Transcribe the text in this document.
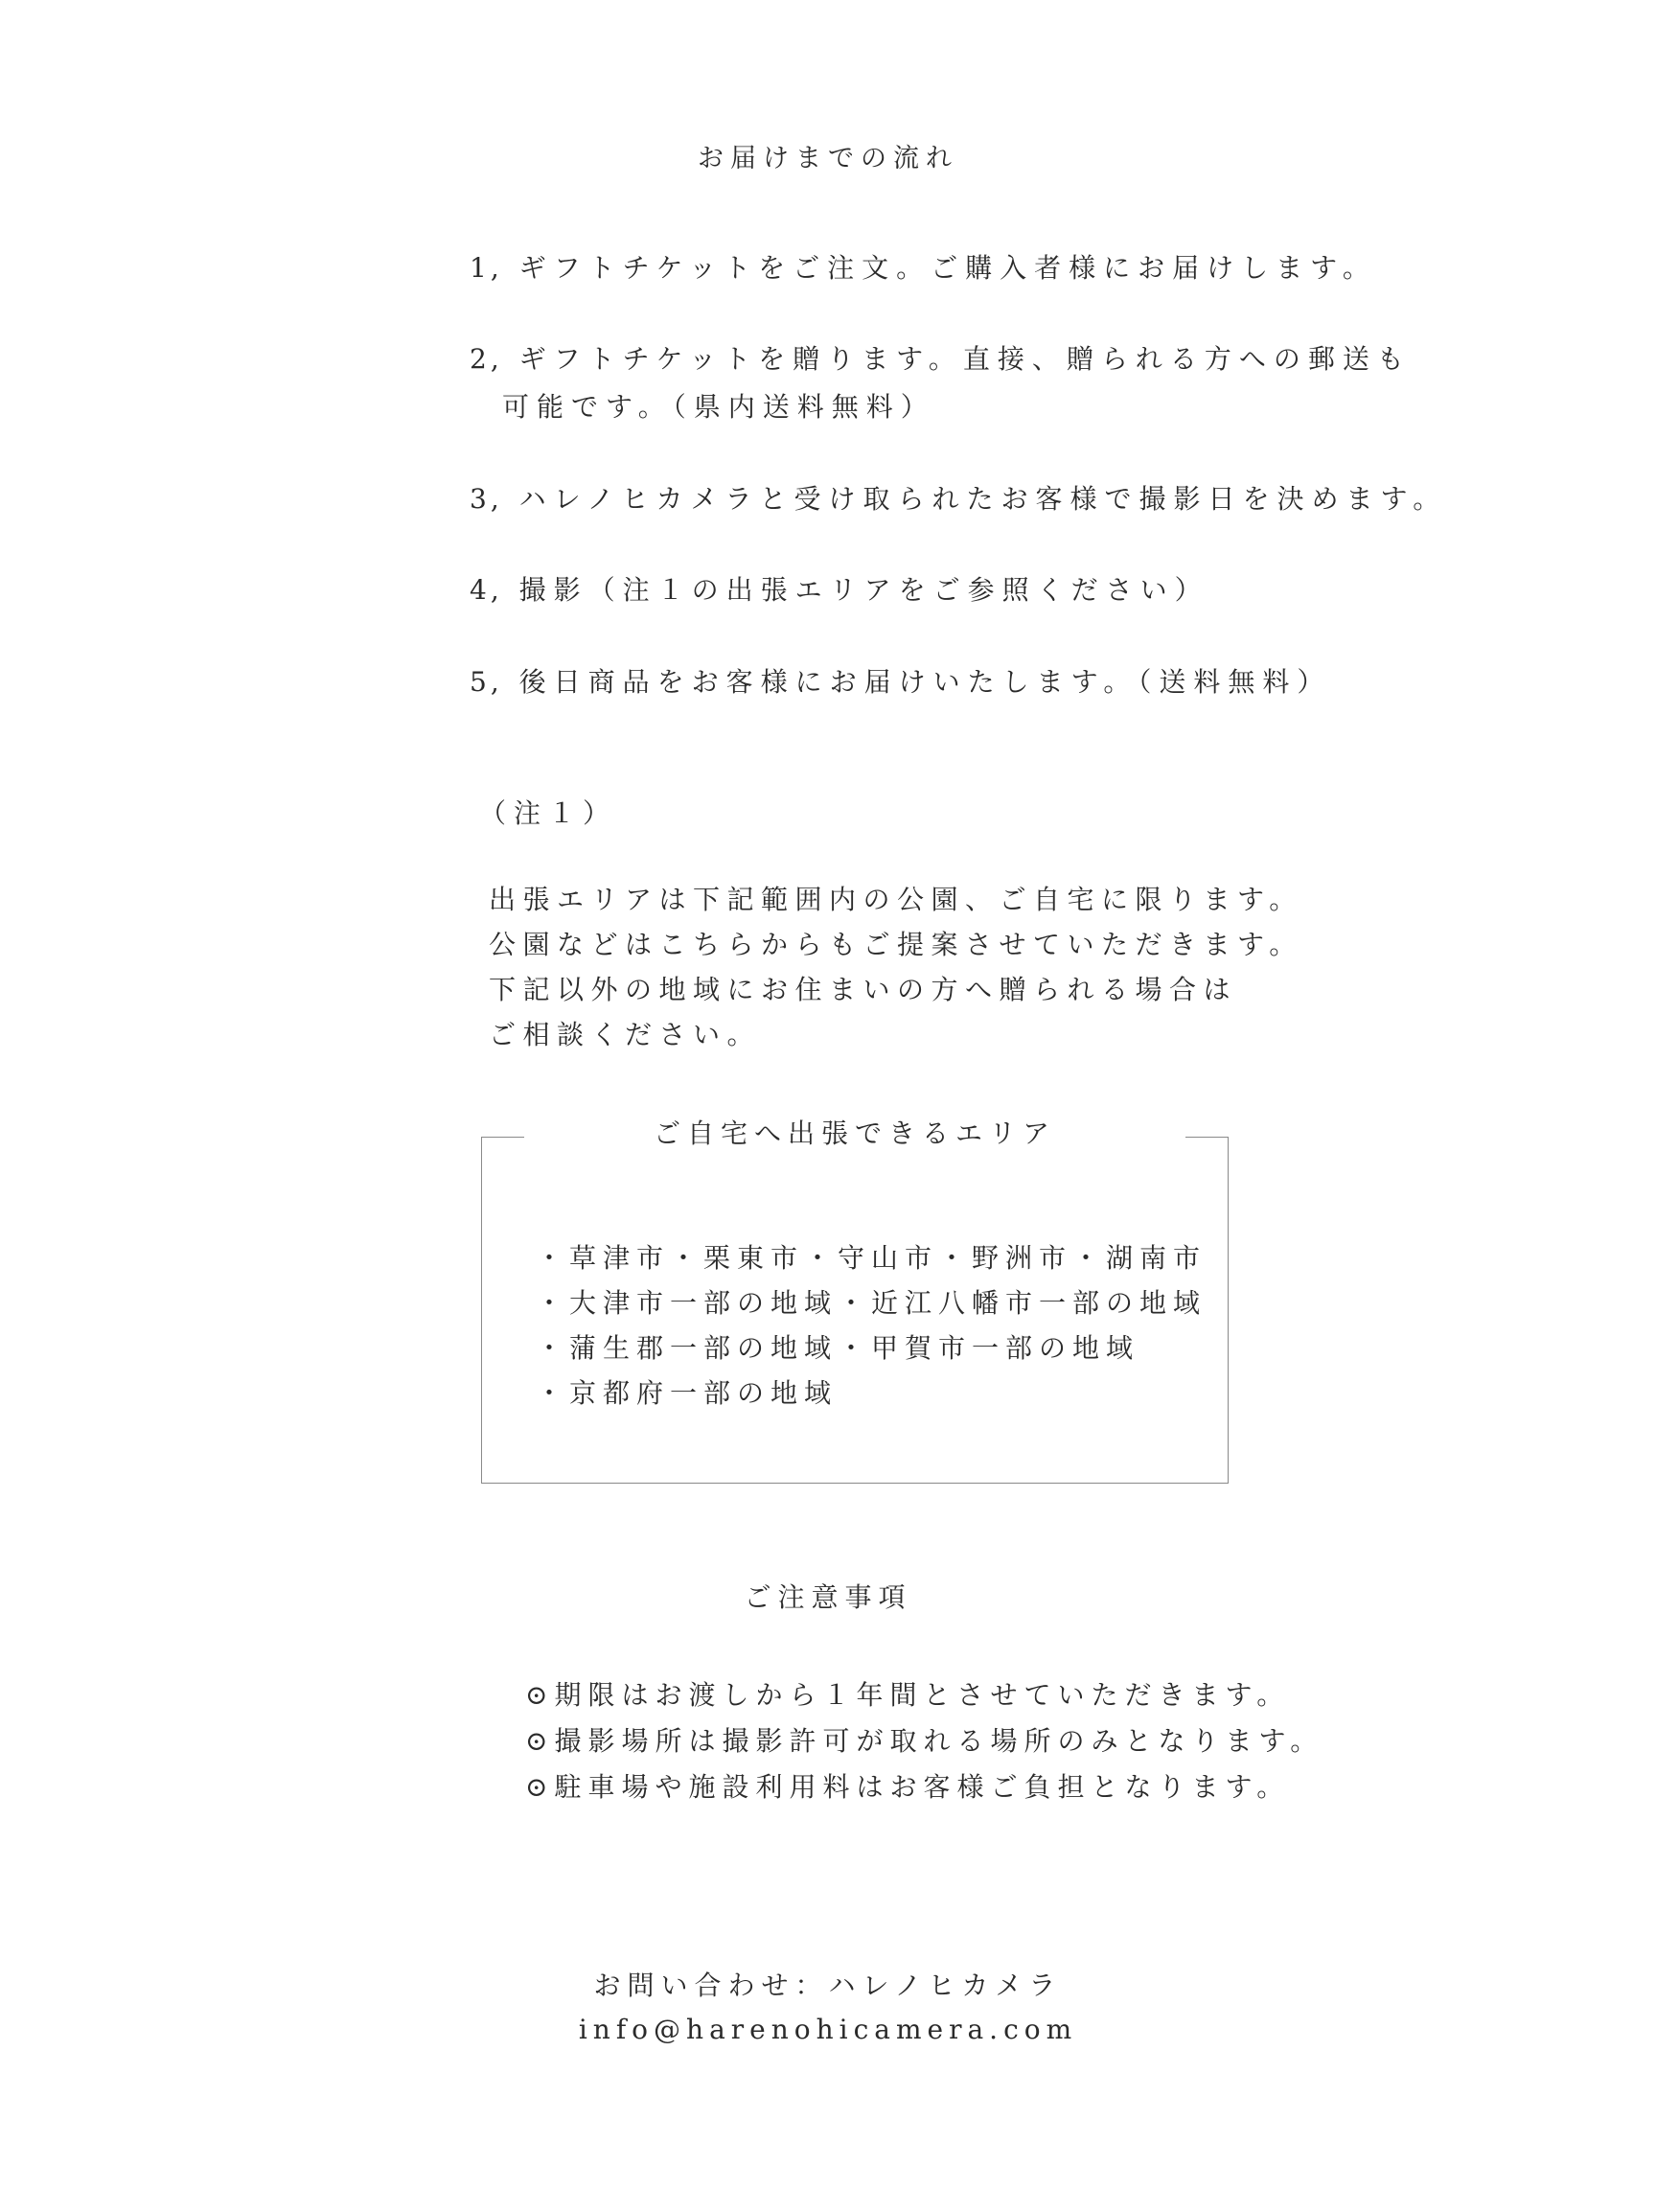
お届けまでの流れ
1, ギフトチケットをご注文。ご購入者様にお届けします。
2, ギフトチケットを贈ります。直接、贈られる方への郵送も
可能です。（県内送料無料）
3, ハレノヒカメラと受け取られたお客様で撮影日を決めます。
4, 撮影（注１の出張エリアをご参照ください）
5, 後日商品をお客様にお届けいたします。（送料無料）
（注１）
出張エリアは下記範囲内の公園、ご自宅に限ります。
公園などはこちらからもご提案させていただきます。
下記以外の地域にお住まいの方へ贈られる場合は
ご相談ください。
ご自宅へ出張できるエリア
・草津市・栗東市・守山市・野洲市・湖南市
・大津市一部の地域・近江八幡市一部の地域
・蒲生郡一部の地域・甲賀市一部の地域
・京都府一部の地域
ご注意事項
⊙期限はお渡しから１年間とさせていただきます。
⊙撮影場所は撮影許可が取れる場所のみとなります。
⊙駐車場や施設利用料はお客様ご負担となります。
お問い合わせ：ハレノヒカメラ
info@harenohicamera.com
